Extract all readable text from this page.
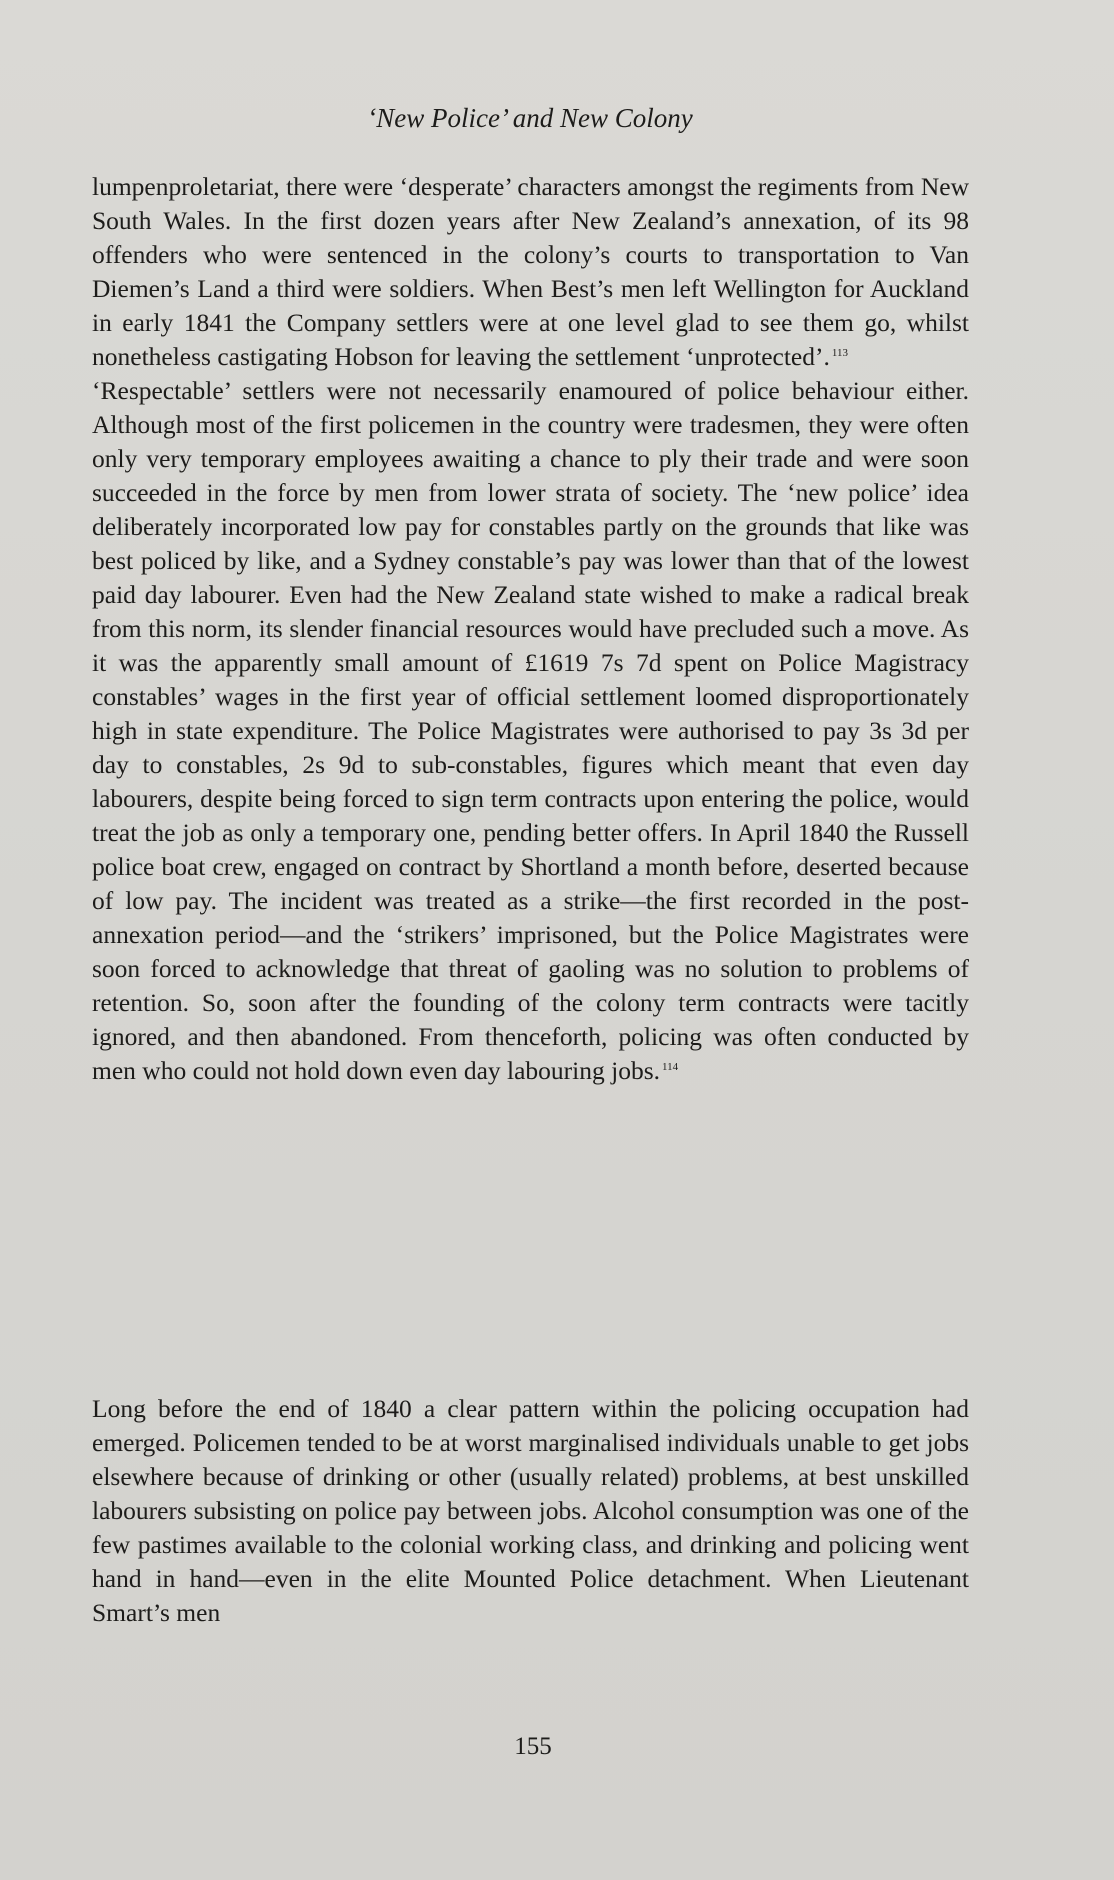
‘New Police’ and New Colony

lumpenproletariat, there were ‘desperate’ characters amongst the regiments from New South Wales. In the first dozen years after New Zealand’s annexation, of its 98 offenders who were sentenced in the colony’s courts to transportation to Van Diemen’s Land a third were soldiers. When Best’s men left Wellington for Auckland in early 1841 the Company settlers were at one level glad to see them go, whilst nonetheless castigating Hobson for leaving the settlement ‘unprotected’. $^{113}$

‘Respectable’ settlers were not necessarily enamoured of police behaviour either. Although most of the first policemen in the country were tradesmen, they were often only very temporary employees awaiting a chance to ply their trade and were soon succeeded in the force by men from lower strata of society. The ‘new police’ idea deliberately incorporated low pay for constables partly on the grounds that like was best policed by like, and a Sydney constable’s pay was lower than that of the lowest paid day labourer. Even had the New Zealand state wished to make a radical break from this norm, its slender financial resources would have precluded such a move. As it was the apparently small amount of £1619 7s 7d spent on Police Magistracy constables’ wages in the first year of official settlement loomed disproportionately high in state expenditure. The Police Magistrates were authorised to pay 3s 3d per day to constables, 2s 9d to sub-constables, figures which meant that even day labourers, despite being forced to sign term contracts upon entering the police, would treat the job as only a temporary one, pending better offers. In April 1840 the Russell police boat crew, engaged on contract by Shortland a month before, deserted because of low pay. The incident was treated as a strike—the first recorded in the post-annexation period—and the ‘strikers’ imprisoned, but the Police Magistrates were soon forced to acknowledge that threat of gaoling was no solution to problems of retention. So, soon after the founding of the colony term contracts were tacitly ignored, and then abandoned. From thenceforth, policing was often conducted by men who could not hold down even day labouring jobs. $^{114}$

Long before the end of 1840 a clear pattern within the policing occupation had emerged. Policemen tended to be at worst marginalised individuals unable to get jobs elsewhere because of drinking or other (usually related) problems, at best unskilled labourers subsisting on police pay between jobs. Alcohol consumption was one of the few pastimes available to the colonial working class, and drinking and policing went hand in hand—even in the elite Mounted Police detachment. When Lieutenant Smart’s men

155
